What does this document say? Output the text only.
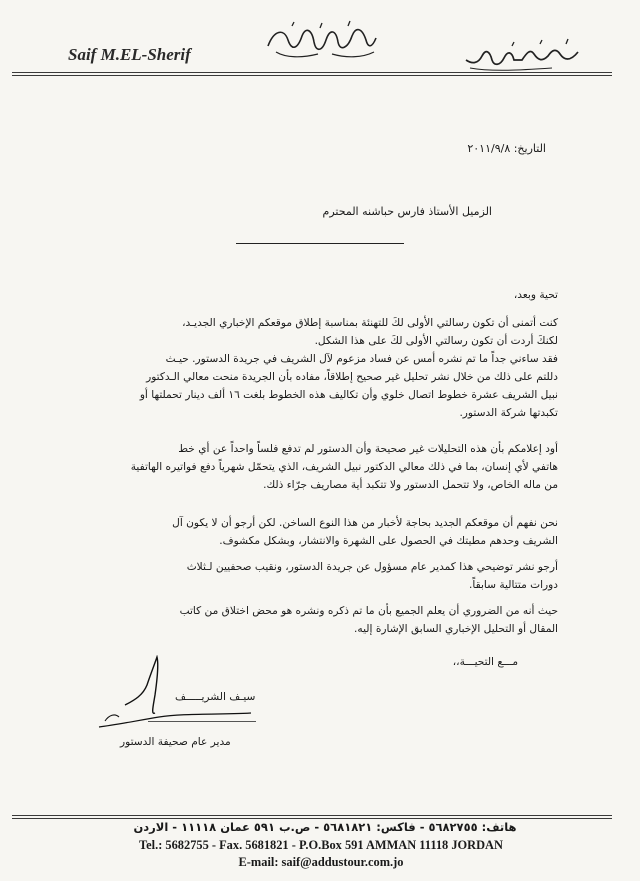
Saif M.EL-Sherif
التاريخ: ٢٠١١/٩/٨
الزميل الأستاذ فارس حباشنه المحترم
تحية وبعد،
كنت أتمنى أن تكون رسالتي الأولى لكَ للتهنئة بمناسبة إطلاق موقعكم الإخباري الجديـد،
لكنكَ أردت أن تكون رسالتي الأولى لكَ على هذا الشكل.
فقد ساءني جداً ما تم نشره أمس عن فساد مزعوم لآل الشريف في جريدة الدستور. حيـث
دللتم على ذلك من خلال نشر تحليل غير صحيح إطلاقاً، مفاده بأن الجريدة منحت معالي الـدكتور
نبيل الشريف عشرة خطوط اتصال خلوي وأن تكاليف هذه الخطوط بلغت ١٦ ألف دينار تحملتها أو
تكبدتها شركة الدستور.
أود إعلامكم بأن هذه التحليلات غير صحيحة وأن الدستور لم تدفع فلساً واحداً عن أي خط
هاتفي لأي إنسان، بما في ذلك معالي الدكتور نبيل الشريف، الذي يتحمّل شهرياً دفع فواتيره الهاتفية
من ماله الخاص، ولا تتحمل الدستور ولا تتكبد أية مصاريف جرّاء ذلك.
نحن نفهم أن موقعكم الجديد بحاجة لأخبار من هذا النوع الساخن. لكن أرجو أن لا يكون آل
الشريف وحدهم مطيتك في الحصول على الشهرة والانتشار، وبشكل مكشوف.
أرجو نشر توضيحي هذا كمدير عام مسؤول عن جريدة الدستور، ونقيب صحفيين لـثلاث
دورات متتالية سابقاً.
حيث أنه من الضروري أن يعلم الجميع بأن ما تم ذكره ونشره هو محض اختلاق من كاتب
المقال أو التحليل الإخباري السابق الإشارة إليه.
مـــع التحيـــة،،
سيـف الشريـــــف
مدير عام صحيفة الدستور
هاتف: ٥٦٨٢٧٥٥ - فاكس: ٥٦٨١٨٢١ - ص.ب ٥٩١ عمان ١١١١٨ - الاردن
Tel.: 5682755 - Fax. 5681821 - P.O.Box 591 AMMAN 11118 JORDAN
E-mail: saif@addustour.com.jo
